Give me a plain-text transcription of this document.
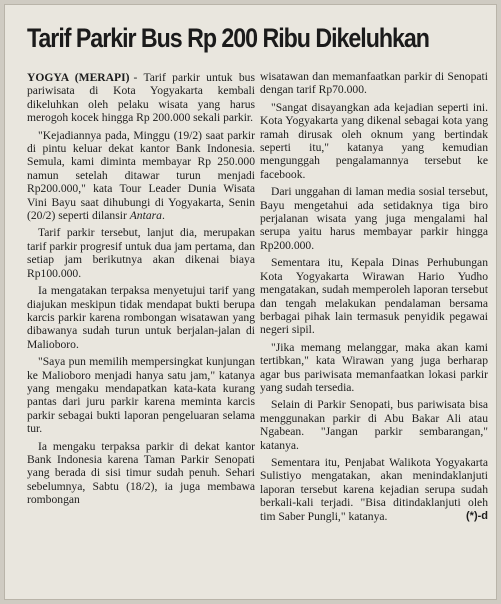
Tarif Parkir Bus Rp 200 Ribu Dikeluhkan

YOGYA (MERAPI) - Tarif parkir untuk bus pariwisata di Kota Yogyakarta kembali dikeluhkan oleh pelaku wisata yang harus merogoh kocek hingga Rp 200.000 sekali parkir.

"Kejadiannya pada, Minggu (19/2) saat parkir di pintu keluar dekat kantor Bank Indonesia. Semula, kami diminta membayar Rp 250.000 namun setelah ditawar turun menjadi Rp200.000," kata Tour Leader Dunia Wisata Vini Bayu saat dihubungi di Yogyakarta, Senin (20/2) seperti dilansir Antara.

Tarif parkir tersebut, lanjut dia, merupakan tarif parkir progresif untuk dua jam pertama, dan setiap jam berikutnya akan dikenai biaya Rp100.000.

Ia mengatakan terpaksa menyetujui tarif yang diajukan meskipun tidak mendapat bukti berupa karcis parkir karena rombongan wisatawan yang dibawanya sudah turun untuk berjalan-jalan di Malioboro.

"Saya pun memilih mempersingkat kunjungan ke Malioboro menjadi hanya satu jam," katanya yang mengaku mendapatkan kata-kata kurang pantas dari juru parkir karena meminta karcis parkir sebagai bukti laporan pengeluaran selama tur.

Ia mengaku terpaksa parkir di dekat kantor Bank Indonesia karena Taman Parkir Senopati yang berada di sisi timur sudah penuh. Sehari sebelumnya, Sabtu (18/2), ia juga membawa rombongan

wisatawan dan memanfaatkan parkir di Senopati dengan tarif Rp70.000.

"Sangat disayangkan ada kejadian seperti ini. Kota Yogyakarta yang dikenal sebagai kota yang ramah dirusak oleh oknum yang bertindak seperti itu," katanya yang kemudian mengunggah pengalamannya tersebut ke facebook.

Dari unggahan di laman media sosial tersebut, Bayu mengetahui ada setidaknya tiga biro perjalanan wisata yang juga mengalami hal serupa yaitu harus membayar parkir hingga Rp200.000.

Sementara itu, Kepala Dinas Perhubungan Kota Yogyakarta Wirawan Hario Yudho mengatakan, sudah memperoleh laporan tersebut dan tengah melakukan pendalaman bersama berbagai pihak lain termasuk penyidik pegawai negeri sipil.

"Jika memang melanggar, maka akan kami tertibkan," kata Wirawan yang juga berharap agar bus pariwisata memanfaatkan lokasi parkir yang sudah tersedia.

Selain di Parkir Senopati, bus pariwisata bisa menggunakan parkir di Abu Bakar Ali atau Ngabean. "Jangan parkir sembarangan," katanya.

Sementara itu, Penjabat Walikota Yogyakarta Sulistiyo mengatakan, akan menindaklanjuti laporan tersebut karena kejadian serupa sudah berkali-kali terjadi. "Bisa ditindaklanjuti oleh tim Saber Pungli," katanya.	(*)-d
